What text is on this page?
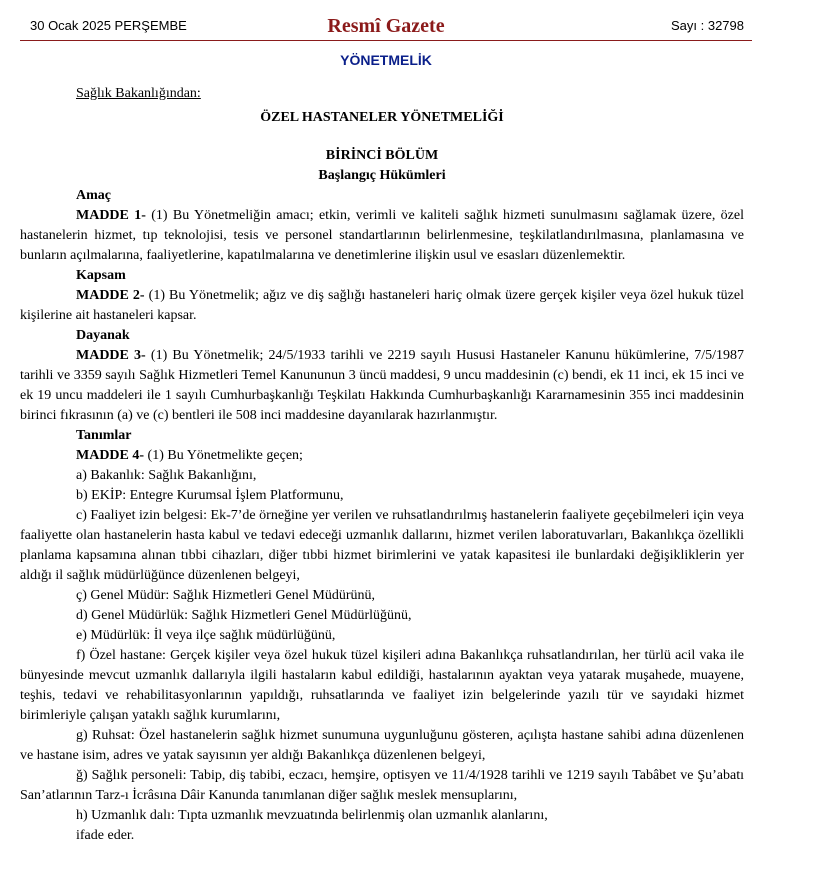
30 Ocak 2025 PERŞEMBE	Resmî Gazete	Sayı : 32798
YÖNETMELİK

Sağlık Bakanlığından:

ÖZEL HASTANELER YÖNETMELİĞİ

BİRİNCİ BÖLÜM

Başlangıç Hükümleri

Amaç

MADDE 1- (1) Bu Yönetmeliğin amacı; etkin, verimli ve kaliteli sağlık hizmeti sunulmasını sağlamak üzere, özel hastanelerin hizmet, tıp teknolojisi, tesis ve personel standartlarının belirlenmesine, teşkilatlandırılmasına, planlamasına ve bunların açılmalarına, faaliyetlerine, kapatılmalarına ve denetimlerine ilişkin usul ve esasları düzenlemektir.

Kapsam

MADDE 2- (1) Bu Yönetmelik; ağız ve diş sağlığı hastaneleri hariç olmak üzere gerçek kişiler veya özel hukuk tüzel kişilerine ait hastaneleri kapsar.

Dayanak

MADDE 3- (1) Bu Yönetmelik; 24/5/1933 tarihli ve 2219 sayılı Hususi Hastaneler Kanunu hükümlerine, 7/5/1987 tarihli ve 3359 sayılı Sağlık Hizmetleri Temel Kanununun 3 üncü maddesi, 9 uncu maddesinin (c) bendi, ek 11 inci, ek 15 inci ve ek 19 uncu maddeleri ile 1 sayılı Cumhurbaşkanlığı Teşkilatı Hakkında Cumhurbaşkanlığı Kararnamesinin 355 inci maddesinin birinci fıkrasının (a) ve (c) bentleri ile 508 inci maddesine dayanılarak hazırlanmıştır.

Tanımlar

MADDE 4- (1) Bu Yönetmelikte geçen;

a) Bakanlık: Sağlık Bakanlığını,

b) EKİP: Entegre Kurumsal İşlem Platformunu,

c) Faaliyet izin belgesi: Ek-7’de örneğine yer verilen ve ruhsatlandırılmış hastanelerin faaliyete geçebilmeleri için veya faaliyette olan hastanelerin hasta kabul ve tedavi edeceği uzmanlık dallarını, hizmet verilen laboratuvarları, Bakanlıkça özellikli planlama kapsamına alınan tıbbi cihazları, diğer tıbbi hizmet birimlerini ve yatak kapasitesi ile bunlardaki değişikliklerin yer aldığı il sağlık müdürlüğünce düzenlenen belgeyi,

ç) Genel Müdür: Sağlık Hizmetleri Genel Müdürünü,

d) Genel Müdürlük: Sağlık Hizmetleri Genel Müdürlüğünü,

e) Müdürlük: İl veya ilçe sağlık müdürlüğünü,

f) Özel hastane: Gerçek kişiler veya özel hukuk tüzel kişileri adına Bakanlıkça ruhsatlandırılan, her türlü acil vaka ile bünyesinde mevcut uzmanlık dallarıyla ilgili hastaların kabul edildiği, hastalarının ayaktan veya yatarak muşahede, muayene, teşhis, tedavi ve rehabilitasyonlarının yapıldığı, ruhsatlarında ve faaliyet izin belgelerinde yazılı tür ve sayıdaki hizmet birimleriyle çalışan yataklı sağlık kurumlarını,

g) Ruhsat: Özel hastanelerin sağlık hizmet sunumuna uygunluğunu gösteren, açılışta hastane sahibi adına düzenlenen ve hastane isim, adres ve yatak sayısının yer aldığı Bakanlıkça düzenlenen belgeyi,

ğ) Sağlık personeli: Tabip, diş tabibi, eczacı, hemşire, optisyen ve 11/4/1928 tarihli ve 1219 sayılı Tabâbet ve Şu’abatı San’atlarının Tarz-ı İcrâsına Dâir Kanunda tanımlanan diğer sağlık meslek mensuplarını,

h) Uzmanlık dalı: Tıpta uzmanlık mevzuatında belirlenmiş olan uzmanlık alanlarını,

ifade eder.
